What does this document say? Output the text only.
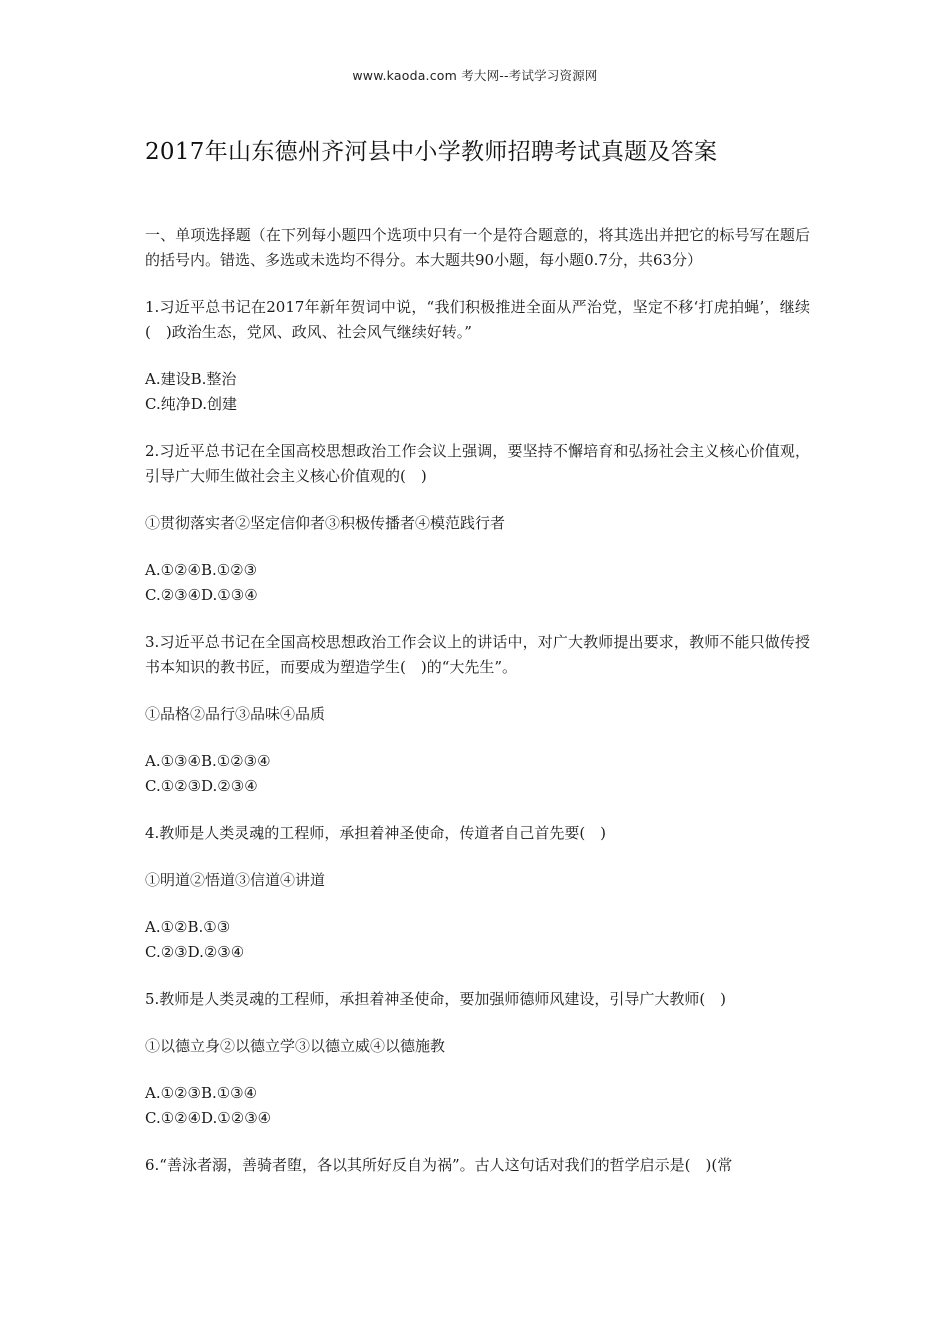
www.kaoda.com 考大网--考试学习资源网
2017年山东德州齐河县中小学教师招聘考试真题及答案

一、单项选择题（在下列每小题四个选项中只有一个是符合题意的，将其选出并把它的标号写在题后的括号内。错选、多选或未选均不得分。本大题共90小题，每小题0.7分，共63分）

1.习近平总书记在2017年新年贺词中说，“我们积极推进全面从严治党，坚定不移‘打虎拍蝇’，继续(　)政治生态，党风、政风、社会风气继续好转。”

A.建设B.整治
C.纯净D.创建

2.习近平总书记在全国高校思想政治工作会议上强调，要坚持不懈培育和弘扬社会主义核心价值观，引导广大师生做社会主义核心价值观的(　)

①贯彻落实者②坚定信仰者③积极传播者④模范践行者

A.①②④B.①②③
C.②③④D.①③④

3.习近平总书记在全国高校思想政治工作会议上的讲话中，对广大教师提出要求，教师不能只做传授书本知识的教书匠，而要成为塑造学生(　)的“大先生”。

①品格②品行③品味④品质

A.①③④B.①②③④
C.①②③D.②③④

4.教师是人类灵魂的工程师，承担着神圣使命，传道者自己首先要(　)

①明道②悟道③信道④讲道

A.①②B.①③
C.②③D.②③④

5.教师是人类灵魂的工程师，承担着神圣使命，要加强师德师风建设，引导广大教师(　)

①以德立身②以德立学③以德立威④以德施教

A.①②③B.①③④
C.①②④D.①②③④

6.“善泳者溺，善骑者堕，各以其所好反自为祸”。古人这句话对我们的哲学启示是(　)(常
